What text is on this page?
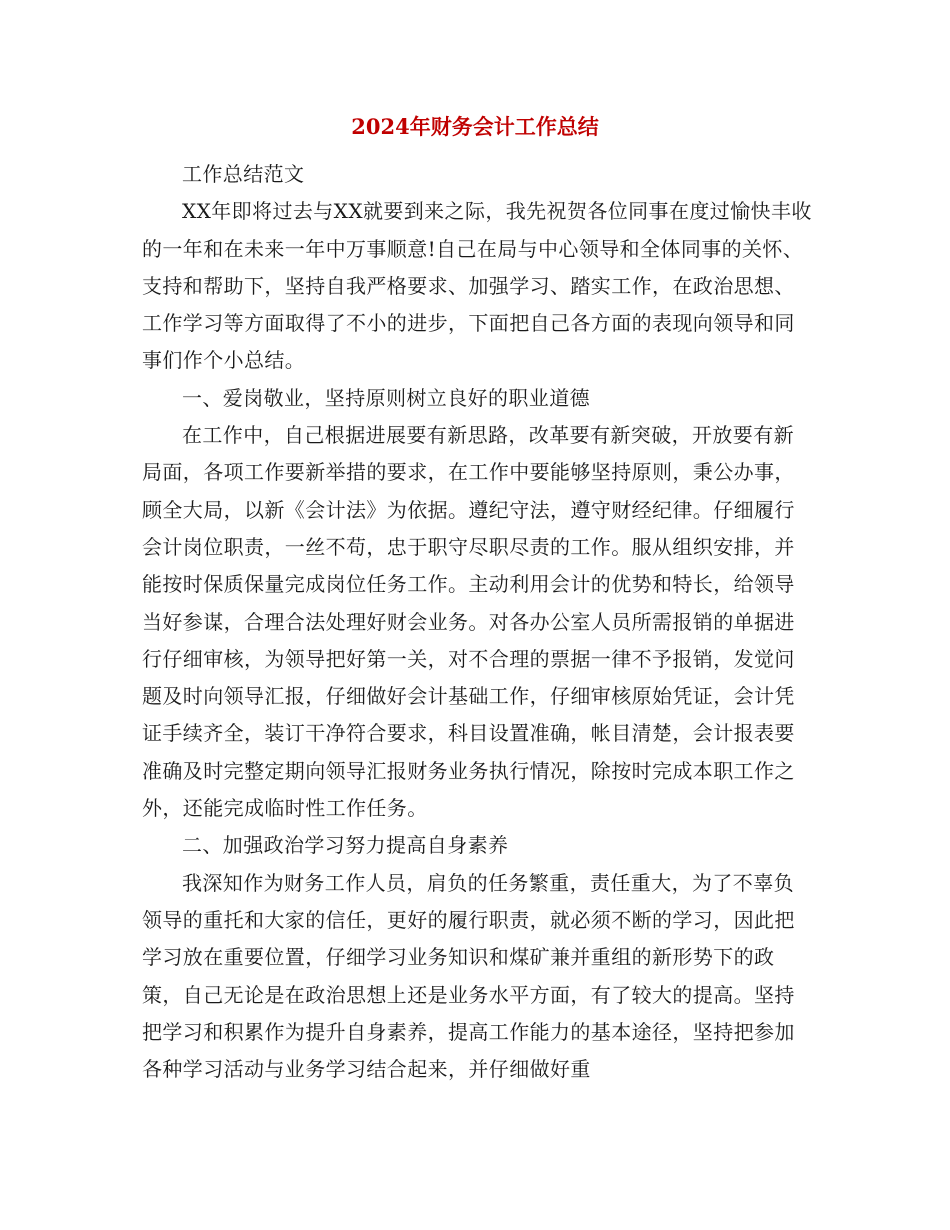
2024年财务会计工作总结

工作总结范文

XX年即将过去与XX就要到来之际，我先祝贺各位同事在度过愉快丰收的一年和在未来一年中万事顺意!自己在局与中心领导和全体同事的关怀、支持和帮助下，坚持自我严格要求、加强学习、踏实工作，在政治思想、工作学习等方面取得了不小的进步，下面把自己各方面的表现向领导和同事们作个小总结。

一、爱岗敬业，坚持原则树立良好的职业道德

在工作中，自己根据进展要有新思路，改革要有新突破，开放要有新局面，各项工作要新举措的要求，在工作中要能够坚持原则，秉公办事，顾全大局，以新《会计法》为依据。遵纪守法，遵守财经纪律。仔细履行会计岗位职责，一丝不苟，忠于职守尽职尽责的工作。服从组织安排，并能按时保质保量完成岗位任务工作。主动利用会计的优势和特长，给领导当好参谋，合理合法处理好财会业务。对各办公室人员所需报销的单据进行仔细审核，为领导把好第一关，对不合理的票据一律不予报销，发觉问题及时向领导汇报，仔细做好会计基础工作，仔细审核原始凭证，会计凭证手续齐全，装订干净符合要求，科目设置准确，帐目清楚，会计报表要准确及时完整定期向领导汇报财务业务执行情况，除按时完成本职工作之外，还能完成临时性工作任务。

二、加强政治学习努力提高自身素养

我深知作为财务工作人员，肩负的任务繁重，责任重大，为了不辜负领导的重托和大家的信任，更好的履行职责，就必须不断的学习，因此把学习放在重要位置，仔细学习业务知识和煤矿兼并重组的新形势下的政策，自己无论是在政治思想上还是业务水平方面，有了较大的提高。坚持把学习和积累作为提升自身素养，提高工作能力的基本途径，坚持把参加各种学习活动与业务学习结合起来，并仔细做好重
